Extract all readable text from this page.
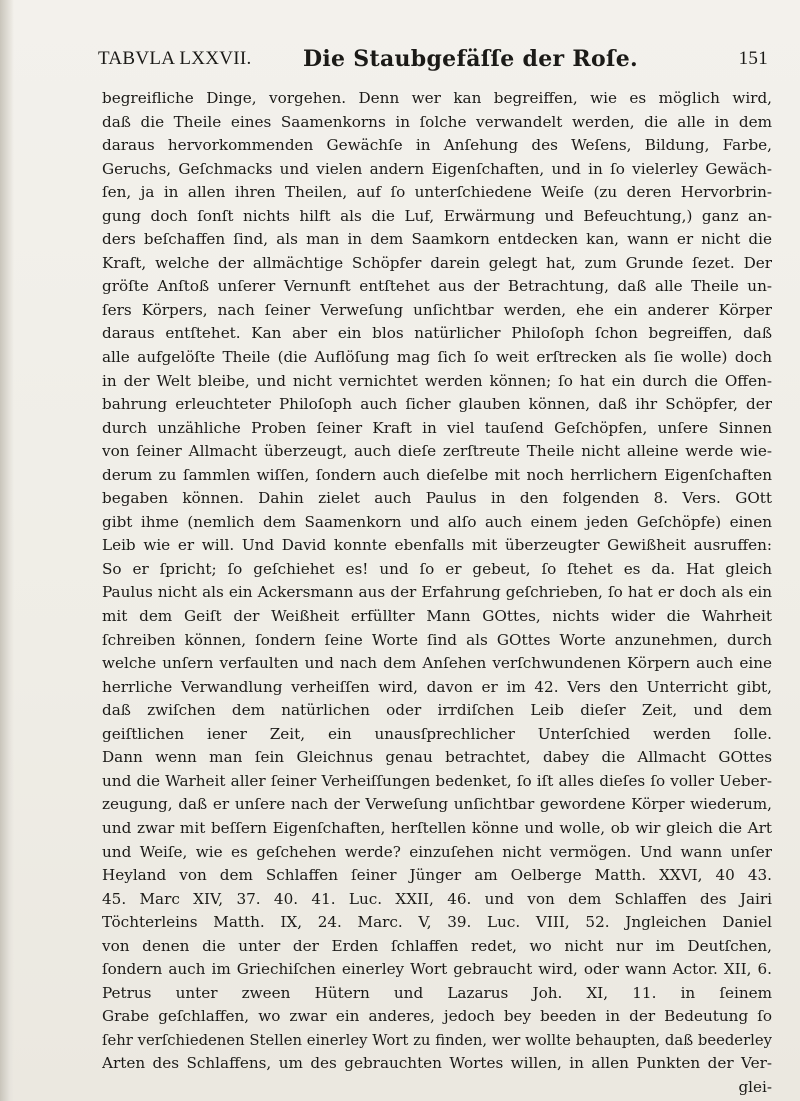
TABVLA LXXVII. Die Staubgefäſſe der Roſe.	151
begreifliche Dinge, vorgehen. Denn wer kan begreiffen, wie es möglich wird,
daß die Theile eines Saamenkorns in ſolche verwandelt werden, die alle in dem
daraus hervorkommenden Gewächſe in Anſehung des Weſens, Bildung, Farbe,
Geruchs, Geſchmacks und vielen andern Eigenſchaften, und in ſo vielerley Gewäch-
ſen, ja in allen ihren Theilen, auf ſo unterſchiedene Weiſe (zu deren Hervorbrin-
gung doch ſonſt nichts hilft als die Luf, Erwärmung und Befeuchtung,) ganz an-
ders beſchaffen ſind, als man in dem Saamkorn entdecken kan, wann er nicht die
Kraft, welche der allmächtige Schöpfer darein gelegt hat, zum Grunde ſezet. Der
gröſte Anſtoß unſerer Vernunft entſtehet aus der Betrachtung, daß alle Theile un-
ſers Körpers, nach ſeiner Verweſung unſichtbar werden, ehe ein anderer Körper
daraus entſtehet. Kan aber ein blos natürlicher Philoſoph ſchon begreiffen, daß
alle aufgelöſte Theile (die Auflöſung mag ſich ſo weit erſtrecken als ſie wolle) doch
in der Welt bleibe, und nicht vernichtet werden können; ſo hat ein durch die Offen-
bahrung erleuchteter Philoſoph auch ſicher glauben können, daß ihr Schöpfer, der
durch unzähliche Proben ſeiner Kraft in viel tauſend Geſchöpfen, unſere Sinnen
von ſeiner Allmacht überzeugt, auch dieſe zerſtreute Theile nicht alleine werde wie-
derum zu ſammlen wiſſen, ſondern auch dieſelbe mit noch herrlichern Eigenſchaften
begaben können. Dahin zielet auch Paulus in den folgenden 8. Vers. GOtt
gibt ihme (nemlich dem Saamenkorn und alſo auch einem jeden Geſchöpfe) einen
Leib wie er will. Und David konnte ebenfalls mit überzeugter Gewißheit ausruffen:
So er ſpricht; ſo geſchiehet es! und ſo er gebeut, ſo ſtehet es da. Hat gleich
Paulus nicht als ein Ackersmann aus der Erfahrung geſchrieben, ſo hat er doch als ein
mit dem Geiſt der Weißheit erfüllter Mann GOttes, nichts wider die Wahrheit
ſchreiben können, ſondern ſeine Worte ſind als GOttes Worte anzunehmen, durch
welche unſern verfaulten und nach dem Anſehen verſchwundenen Körpern auch eine
herrliche Verwandlung verheiſſen wird, davon er im 42. Vers den Unterricht gibt,
daß zwiſchen dem natürlichen oder irrdiſchen Leib dieſer Zeit, und dem
geiſtlichen iener Zeit, ein unausſprechlicher Unterſchied werden ſolle.
Dann wenn man ſein Gleichnus genau betrachtet, dabey die Allmacht GOttes
und die Warheit aller ſeiner Verheiſſungen bedenket, ſo iſt alles dieſes ſo voller Ueber-
zeugung, daß er unſere nach der Verweſung unſichtbar gewordene Körper wiederum,
und zwar mit beſſern Eigenſchaften, herſtellen könne und wolle, ob wir gleich die Art
und Weiſe, wie es geſchehen werde? einzuſehen nicht vermögen. Und wann unſer
Heyland von dem Schlaffen ſeiner Jünger am Oelberge Matth. XXVI, 40 43.
45. Marc XIV, 37. 40. 41. Luc. XXII, 46. und von dem Schlaffen des Jairi
Töchterleins Matth. IX, 24. Marc. V, 39. Luc. VIII, 52. Jngleichen Daniel
von denen die unter der Erden ſchlaffen redet, wo nicht nur im Deutſchen,
ſondern auch im Griechiſchen einerley Wort gebraucht wird, oder wann Actor. XII, 6.
Petrus unter zween Hütern und Lazarus Joh. XI, 11. in ſeinem
Grabe geſchlaffen, wo zwar ein anderes, jedoch bey beeden in der Bedeutung ſo
ſehr verſchiedenen Stellen einerley Wort zu finden, wer wollte behaupten, daß beederley
Arten des Schlaffens, um des gebrauchten Wortes willen, in allen Punkten der Ver-
glei-
